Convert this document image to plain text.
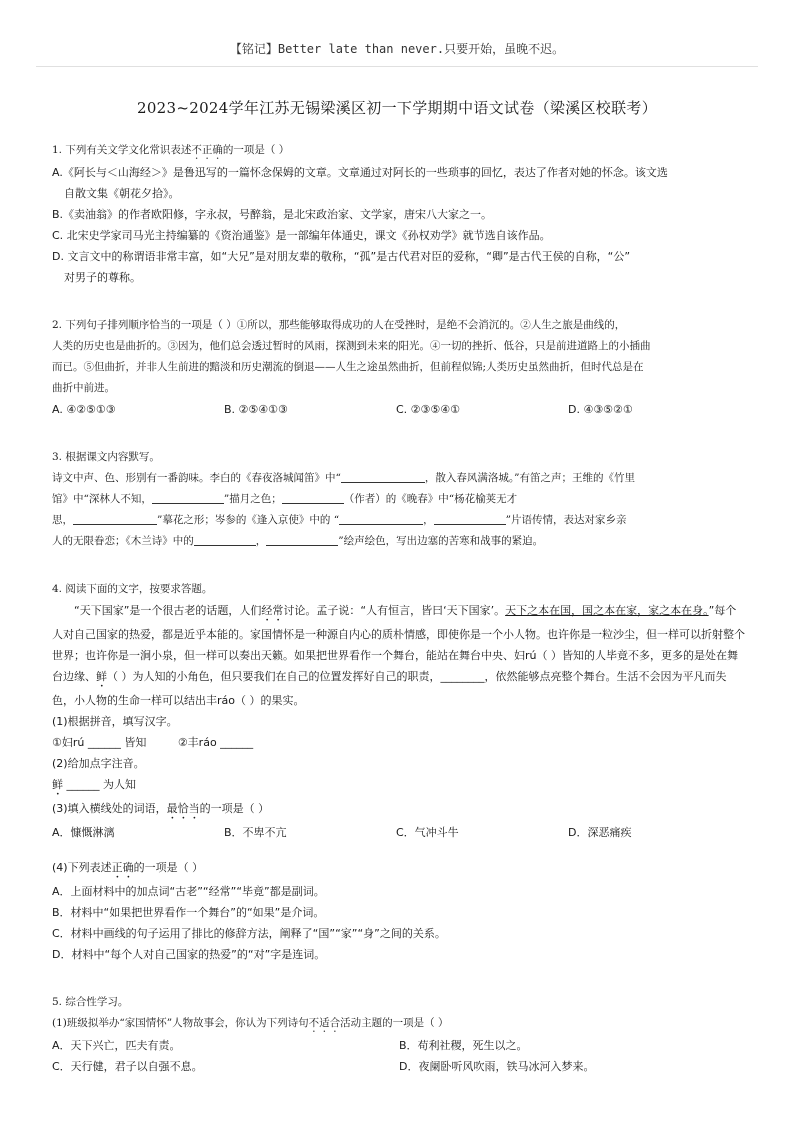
【铭记】Better late than never.只要开始，虽晚不迟。
2023~2024学年江苏无锡梁溪区初一下学期期中语文试卷（梁溪区校联考）
1. 下列有关文学文化常识表述不正确的一项是（ ）
A.《阿长与＜山海经＞》是鲁迅写的一篇怀念保姆的文章。文章通过对阿长的一些琐事的回忆，表达了作者对她的怀念。该文选
自散文集《朝花夕拾》。
B.《卖油翁》的作者欧阳修，字永叔，号醉翁，是北宋政治家、文学家，唐宋八大家之一。
C. 北宋史学家司马光主持编纂的《资治通鉴》是一部编年体通史，课文《孙权劝学》就节选自该作品。
D. 文言文中的称谓语非常丰富，如“大兄”是对朋友辈的敬称，“孤”是古代君对臣的爱称，“卿”是古代王侯的自称，“公”
对男子的尊称。
2. 下列句子排列顺序恰当的一项是（ ）①所以，那些能够取得成功的人在受挫时，是绝不会消沉的。②人生之旅是曲线的，
人类的历史也是曲折的。③因为，他们总会透过暂时的风雨，探测到未来的阳光。④一切的挫折、低谷，只是前进道路上的小插曲
而已。⑤但曲折，并非人生前进的黯淡和历史潮流的倒退——人生之途虽然曲折，但前程似锦;人类历史虽然曲折，但时代总是在
曲折中前进。
A. ④②⑤①③	B. ②⑤④①③	C. ②③⑤④①	D. ④③⑤②①
3. 根据课文内容默写。
诗文中声、色、形别有一番韵味。李白的《春夜洛城闻笛》中“	，散入春风满洛城。”有笛之声；王维的《竹里
馆》中“深林人不知，	”描月之色；	（作者）的《晚春》中“杨花榆荚无才
思，	”摹花之形；岑参的《逢入京使》中的 “	，	”片语传情，表达对家乡亲
人的无限眷恋；《木兰诗》中的	，	”绘声绘色，写出边塞的苦寒和战事的紧迫。
4. 阅读下面的文字，按要求答题。
“天下国家”是一个很古老的话题，人们经常讨论。孟子说：“人有恒言，皆曰‘天下国家’。天下之本在国，国之本在家，家之本在身。”每个人对自己国家的热爱，都是近乎本能的。家国情怀是一种源自内心的质朴情感，即使你是一个小人物。也许你是一粒沙尘，但一样可以折射整个世界；也许你是一涧小泉，但一样可以奏出天籁。如果把世界看作一个舞台，能站在舞台中央、妇rú（ ）皆知的人毕竟不多，更多的是处在舞台边缘、鲜（ ）为人知的小角色，但只要我们在自己的位置发挥好自己的职责，________，依然能够点亮整个舞台。生活不会因为平凡而失色，小人物的生命一样可以结出丰ráo（ ）的果实。
(1)根据拼音，填写汉字。
①妇rú ______ 皆知         ②丰ráo ______
(2)给加点字注音。
鲜 ______ 为人知
(3)填入横线处的词语，最恰当的一项是（ ）
A．慷慨淋漓	B．不卑不亢	C．气冲斗牛	D．深恶痛疾
(4)下列表述正确的一项是（ ）
A．上面材料中的加点词“古老”“经常”“毕竟”都是副词。
B．材料中“如果把世界看作一个舞台”的“如果”是介词。
C．材料中画线的句子运用了排比的修辞方法，阐释了“国”“家”“身”之间的关系。
D．材料中“每个人对自己国家的热爱”的“对”字是连词。
5. 综合性学习。
(1)班级拟举办“家国情怀”人物故事会，你认为下列诗句不适合活动主题的一项是（ ）
A．天下兴亡，匹夫有责。	B．苟利社稷，死生以之。
C．天行健，君子以自强不息。	D．夜阑卧听风吹雨，铁马冰河入梦来。
